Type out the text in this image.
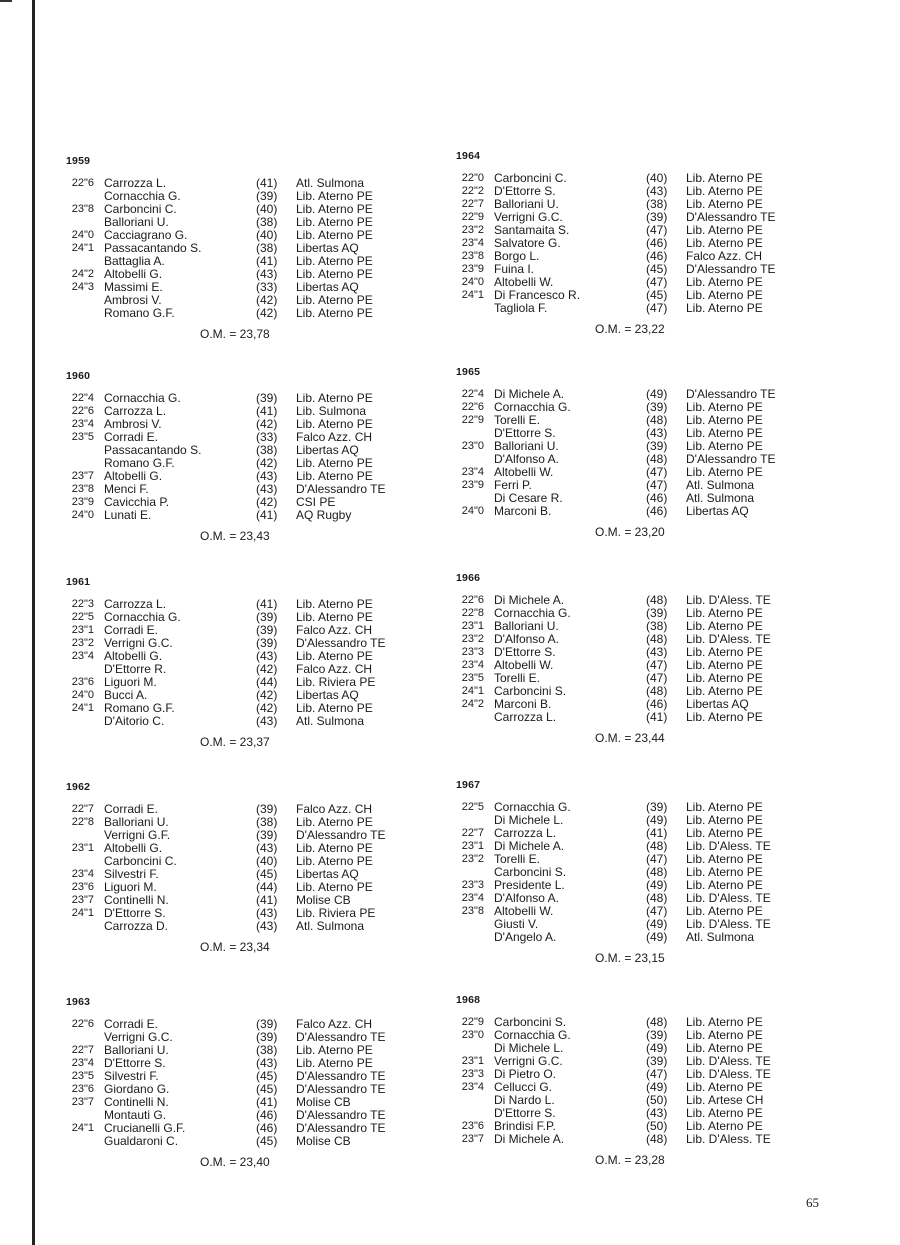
1959
22"6 Carrozza L.	(41) Atl. Sulmona
Cornacchia G.	(39) Lib. Aterno PE
23"8 Carboncini C.	(40) Lib. Aterno PE
Balloriani U.	(38) Lib. Aterno PE
24"0 Cacciagrano G.	(40) Lib. Aterno PE
24"1 Passacantando S.	(38) Libertas AQ
Battaglia A.	(41) Lib. Aterno PE
24"2 Altobelli G.	(43) Lib. Aterno PE
24"3 Massimi E.	(33) Libertas AQ
Ambrosi V.	(42) Lib. Aterno PE
Romano G.F.	(42) Lib. Aterno PE
O.M. = 23,78
1960
22"4 Cornacchia G.	(39) Lib. Aterno PE
22"6 Carrozza L.	(41) Lib. Sulmona
23"4 Ambrosi V.	(42) Lib. Aterno PE
23"5 Corradi E.	(33) Falco Azz. CH
Passacantando S.	(38) Libertas AQ
Romano G.F.	(42) Lib. Aterno PE
23"7 Altobelli G.	(43) Lib. Aterno PE
23"8 Menci F.	(43) D'Alessandro TE
23"9 Cavicchia P.	(42) CSI PE
24"0 Lunati E.	(41) AQ Rugby
O.M. = 23,43
1961
22"3 Carrozza L.	(41) Lib. Aterno PE
22"5 Cornacchia G.	(39) Lib. Aterno PE
23"1 Corradi E.	(39) Falco Azz. CH
23"2 Verrigni G.C.	(39) D'Alessandro TE
23"4 Altobelli G.	(43) Lib. Aterno PE
D'Ettorre R.	(42) Falco Azz. CH
23"6 Liguori M.	(44) Lib. Riviera PE
24"0 Bucci A.	(42) Libertas AQ
24"1 Romano G.F.	(42) Lib. Aterno PE
D'Aitorio C.	(43) Atl. Sulmona
O.M. = 23,37
1962
22"7 Corradi E.	(39) Falco Azz. CH
22"8 Balloriani U.	(38) Lib. Aterno PE
Verrigni G.F.	(39) D'Alessandro TE
23"1 Altobelli G.	(43) Lib. Aterno PE
Carboncini C.	(40) Lib. Aterno PE
23"4 Silvestri F.	(45) Libertas AQ
23"6 Liguori M.	(44) Lib. Aterno PE
23"7 Continelli N.	(41) Molise CB
24"1 D'Ettorre S.	(43) Lib. Riviera PE
Carrozza D.	(43) Atl. Sulmona
O.M. = 23,34
1963
22"6 Corradi E.	(39) Falco Azz. CH
Verrigni G.C.	(39) D'Alessandro TE
22"7 Balloriani U.	(38) Lib. Aterno PE
23"4 D'Ettorre S.	(43) Lib. Aterno PE
23"5 Silvestri F.	(45) D'Alessandro TE
23"6 Giordano G.	(45) D'Alessandro TE
23"7 Continelli N.	(41) Molise CB
Montauti G.	(46) D'Alessandro TE
24"1 Crucianelli G.F.	(46) D'Alessandro TE
Gualdaroni C.	(45) Molise CB
O.M. = 23,40
1964
22"0 Carboncini C.	(40) Lib. Aterno PE
22"2 D'Ettorre S.	(43) Lib. Aterno PE
22"7 Balloriani U.	(38) Lib. Aterno PE
22"9 Verrigni G.C.	(39) D'Alessandro TE
23"2 Santamaita S.	(47) Lib. Aterno PE
23"4 Salvatore G.	(46) Lib. Aterno PE
23"8 Borgo L.	(46) Falco Azz. CH
23"9 Fuina I.	(45) D'Alessandro TE
24"0 Altobelli W.	(47) Lib. Aterno PE
24"1 Di Francesco R.	(45) Lib. Aterno PE
Tagliola F.	(47) Lib. Aterno PE
O.M. = 23,22
1965
22"4 Di Michele A.	(49) D'Alessandro TE
22"6 Cornacchia G.	(39) Lib. Aterno PE
22"9 Torelli E.	(48) Lib. Aterno PE
D'Ettorre S.	(43) Lib. Aterno PE
23"0 Balloriani U.	(39) Lib. Aterno PE
D'Alfonso A.	(48) D'Alessandro TE
23"4 Altobelli W.	(47) Lib. Aterno PE
23"9 Ferri P.	(47) Atl. Sulmona
Di Cesare R.	(46) Atl. Sulmona
24"0 Marconi B.	(46) Libertas AQ
O.M. = 23,20
1966
22"6 Di Michele A.	(48) Lib. D'Aless. TE
22"8 Cornacchia G.	(39) Lib. Aterno PE
23"1 Balloriani U.	(38) Lib. Aterno PE
23"2 D'Alfonso A.	(48) Lib. D'Aless. TE
23"3 D'Ettorre S.	(43) Lib. Aterno PE
23"4 Altobelli W.	(47) Lib. Aterno PE
23"5 Torelli E.	(47) Lib. Aterno PE
24"1 Carboncini S.	(48) Lib. Aterno PE
24"2 Marconi B.	(46) Libertas AQ
Carrozza L.	(41) Lib. Aterno PE
O.M. = 23,44
1967
22"5 Cornacchia G.	(39) Lib. Aterno PE
Di Michele L.	(49) Lib. Aterno PE
22"7 Carrozza L.	(41) Lib. Aterno PE
23"1 Di Michele A.	(48) Lib. D'Aless. TE
23"2 Torelli E.	(47) Lib. Aterno PE
Carboncini S.	(48) Lib. Aterno PE
23"3 Presidente L.	(49) Lib. Aterno PE
23"4 D'Alfonso A.	(48) Lib. D'Aless. TE
23"8 Altobelli W.	(47) Lib. Aterno PE
Giusti V.	(49) Lib. D'Aless. TE
D'Angelo A.	(49) Atl. Sulmona
O.M. = 23,15
1968
22"9 Carboncini S.	(48) Lib. Aterno PE
23"0 Cornacchia G.	(39) Lib. Aterno PE
Di Michele L.	(49) Lib. Aterno PE
23"1 Verrigni G.C.	(39) Lib. D'Aless. TE
23"3 Di Pietro O.	(47) Lib. D'Aless. TE
23"4 Cellucci G.	(49) Lib. Aterno PE
Di Nardo L.	(50) Lib. Artese CH
D'Ettorre S.	(43) Lib. Aterno PE
23"6 Brindisi F.P.	(50) Lib. Aterno PE
23"7 Di Michele A.	(48) Lib. D'Aless. TE
O.M. = 23,28
65
